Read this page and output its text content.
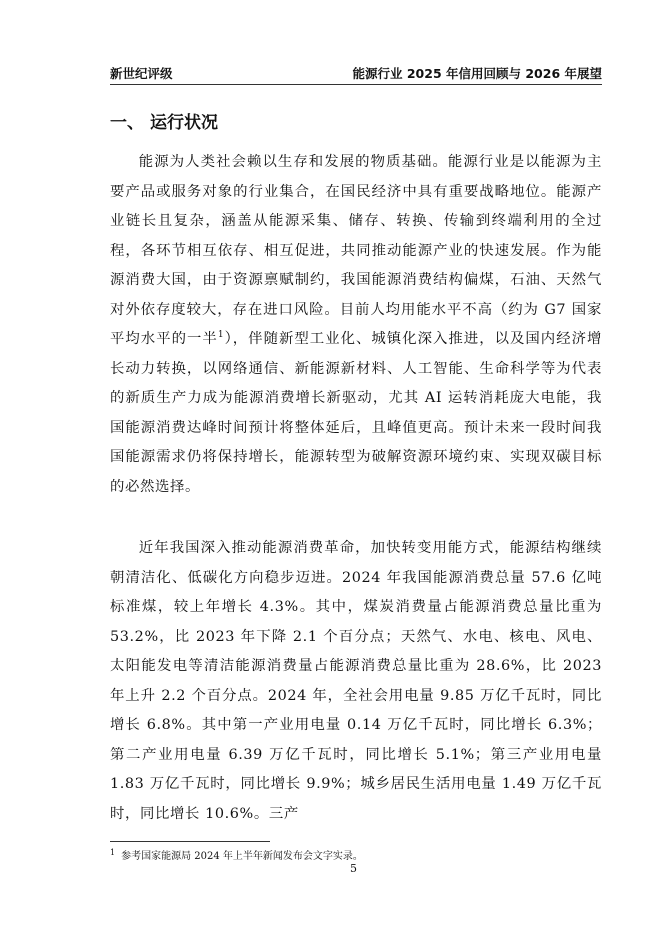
新世纪评级	能源行业 2025 年信用回顾与 2026 年展望
一、 运行状况

能源为人类社会赖以生存和发展的物质基础。能源行业是以能源为主要产品或服务对象的行业集合，在国民经济中具有重要战略地位。能源产业链长且复杂，涵盖从能源采集、储存、转换、传输到终端利用的全过程，各环节相互依存、相互促进，共同推动能源产业的快速发展。作为能源消费大国，由于资源禀赋制约，我国能源消费结构偏煤，石油、天然气对外依存度较大，存在进口风险。目前人均用能水平不高（约为 G7 国家平均水平的一半$^1$），伴随新型工业化、城镇化深入推进，以及国内经济增长动力转换，以网络通信、新能源新材料、人工智能、生命科学等为代表的新质生产力成为能源消费增长新驱动，尤其 AI 运转消耗庞大电能，我国能源消费达峰时间预计将整体延后，且峰值更高。预计未来一段时间我国能源需求仍将保持增长，能源转型为破解资源环境约束、实现双碳目标的必然选择。

近年我国深入推动能源消费革命，加快转变用能方式，能源结构继续朝清洁化、低碳化方向稳步迈进。2024 年我国能源消费总量 57.6 亿吨标准煤，较上年增长 4.3%。其中，煤炭消费量占能源消费总量比重为 53.2%，比 2023 年下降 2.1 个百分点；天然气、水电、核电、风电、太阳能发电等清洁能源消费量占能源消费总量比重为 28.6%，比 2023 年上升 2.2 个百分点。2024 年，全社会用电量 9.85 万亿千瓦时，同比增长 6.8%。其中第一产业用电量 0.14 万亿千瓦时，同比增长 6.3%；第二产业用电量 6.39 万亿千瓦时，同比增长 5.1%；第三产业用电量 1.83 万亿千瓦时，同比增长 9.9%；城乡居民生活用电量 1.49 万亿千瓦时，同比增长 10.6%。三产

$^1$ 参考国家能源局 2024 年上半年新闻发布会文字实录。
5
